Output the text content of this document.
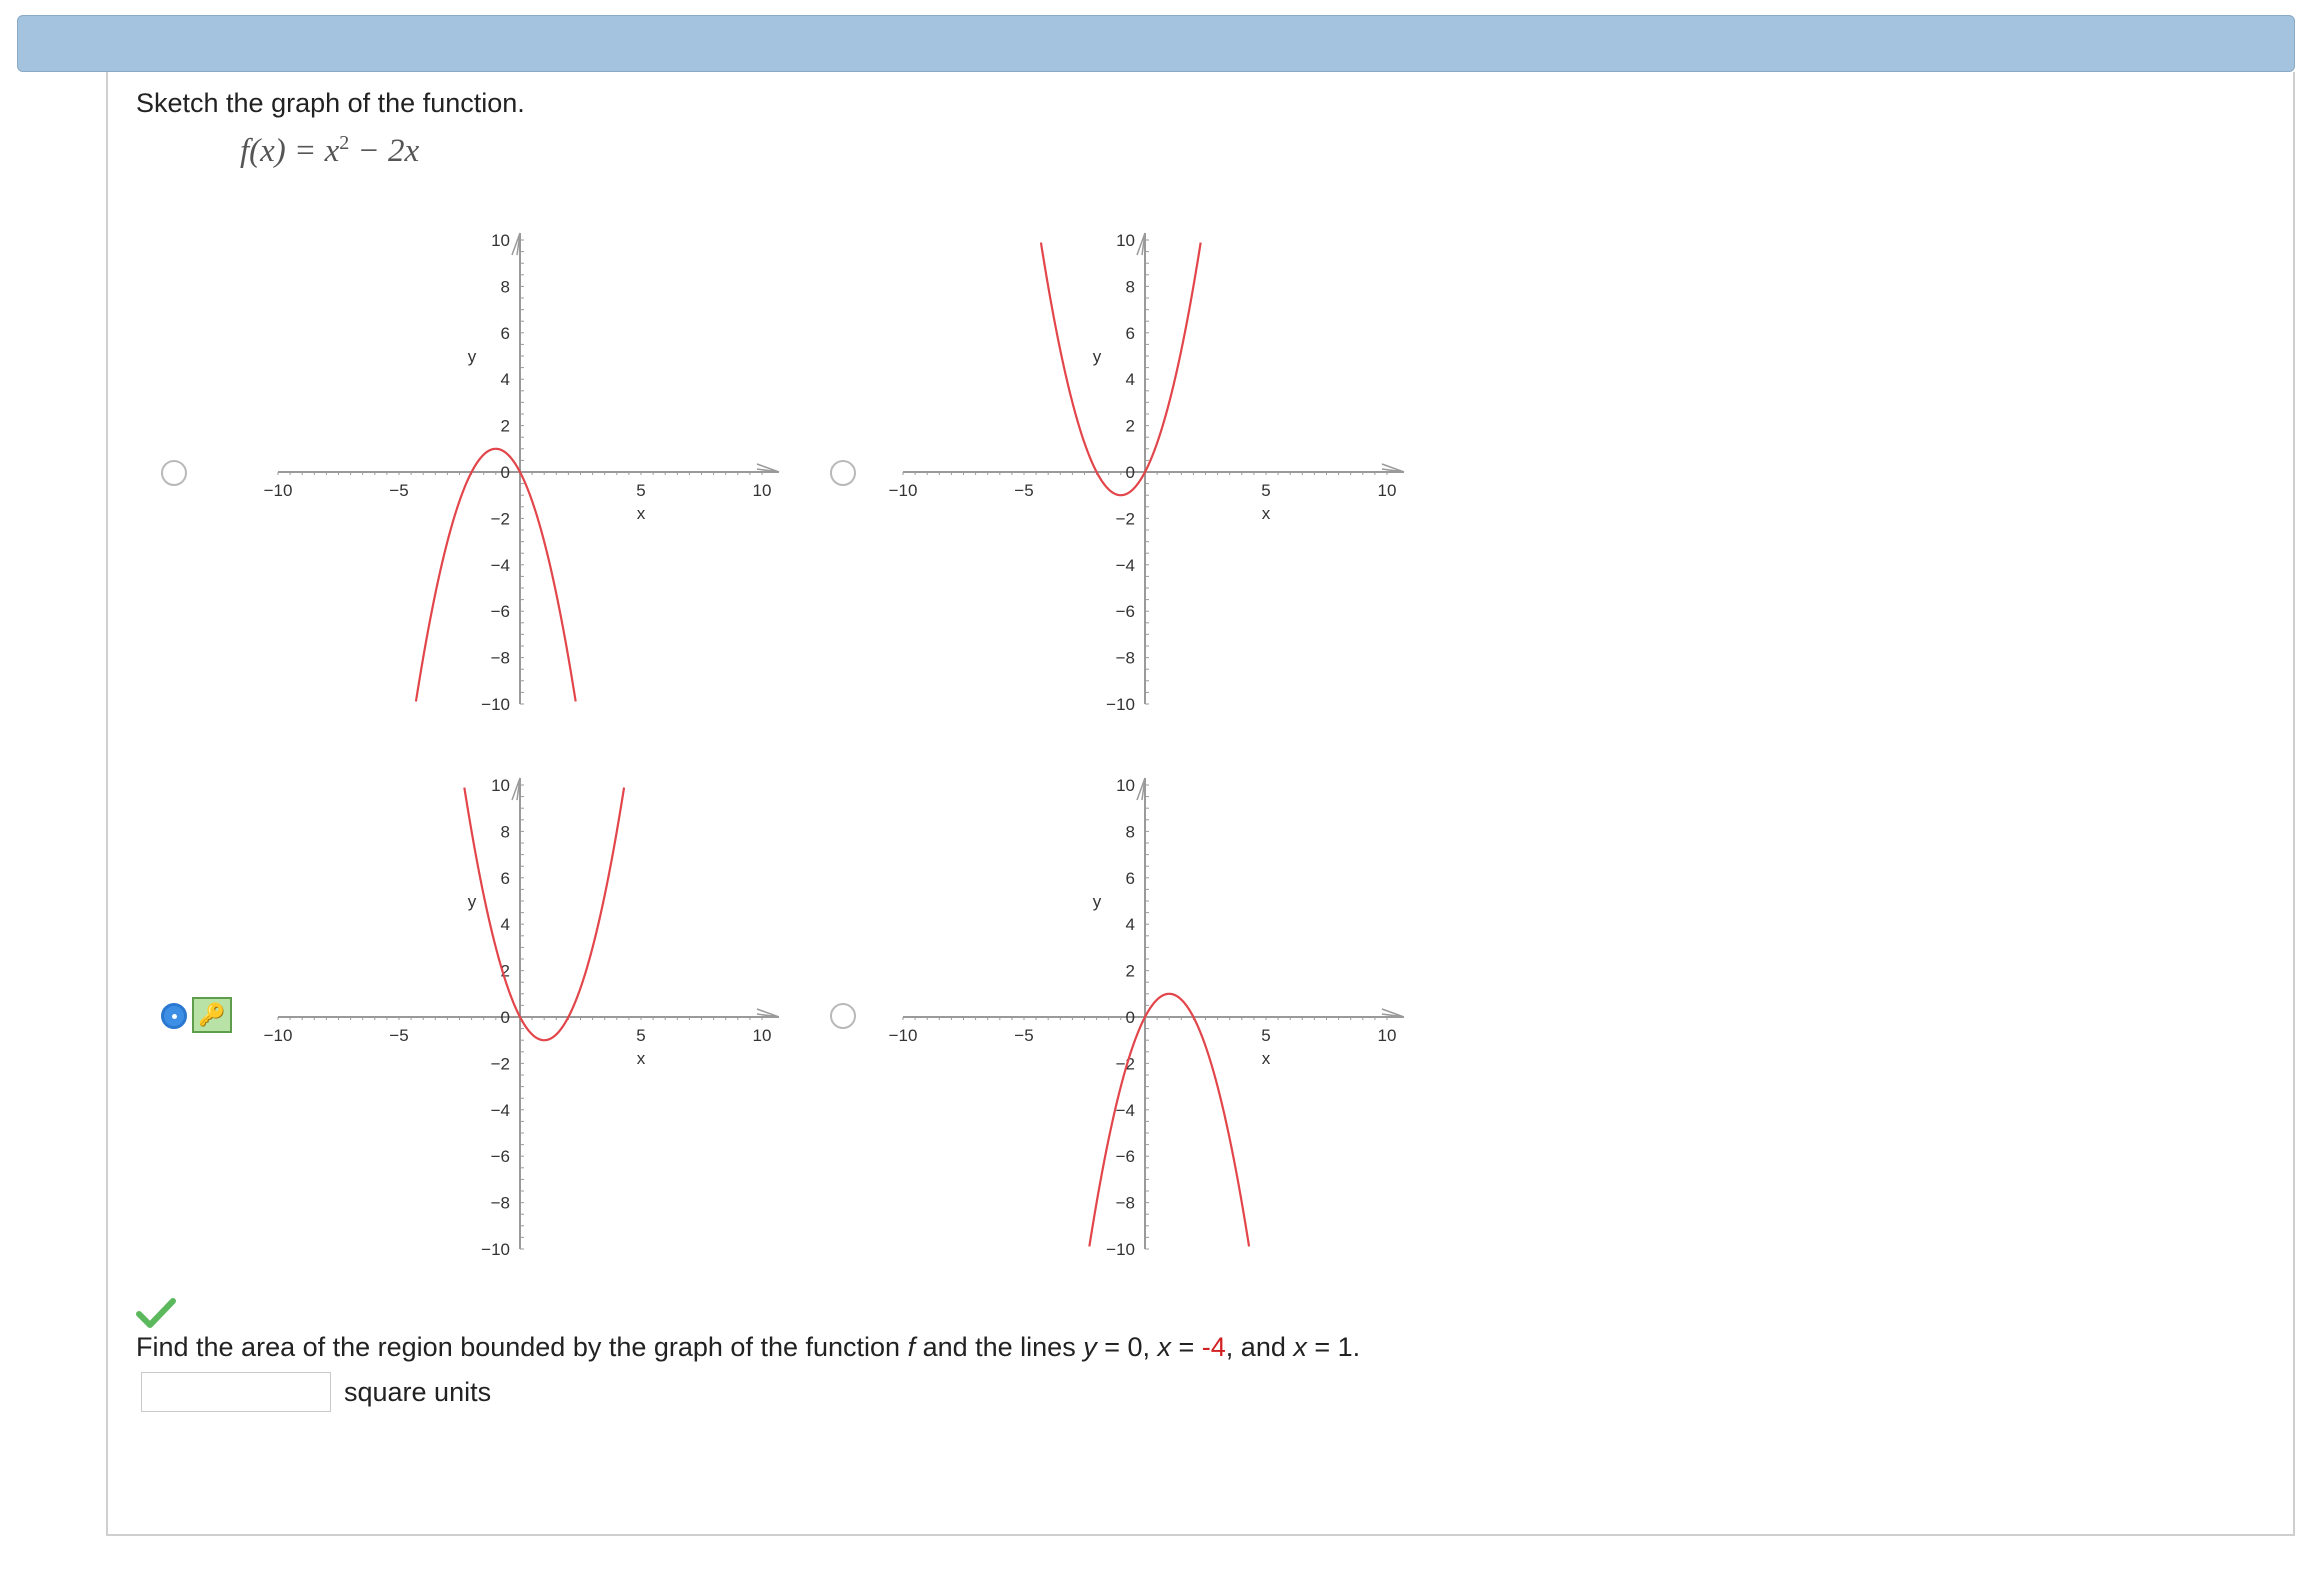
Sketch the graph of the function.

$f(x) = x^2 - 2x$
🔑
−10	−5	5	10
10
8
6
4
2
0
−2
−4
−6
−8
−10
x
y
−10	−5	5	10
10
8
6
4
2
0
−2
−4
−6
−8
−10
x
y
−10	−5	5	10
10
8
6
4
2
0
−2
−4
−6
−8
−10
x
y
−10	−5	5	10
10
8
6
4
2
0
−2
−4
−6
−8
−10
x
y
Find the area of the region bounded by the graph of the function f and the lines y = 0, x = -4, and x = 1.
square units
